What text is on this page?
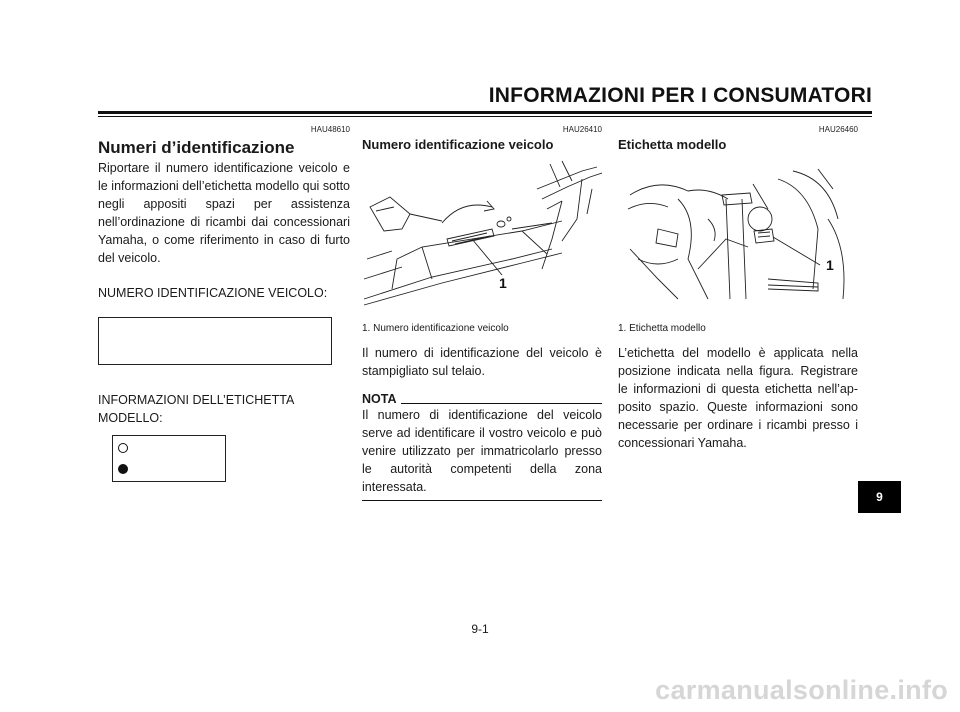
INFORMAZIONI PER I CONSUMATORI
HAU48610
Numeri d’identificazione

Riportare il numero identificazione veicolo e le informazioni dell’etichetta modello qui sotto negli appositi spazi per assistenza nell’ordinazione di ricambi dai concessionari Yamaha, o come riferimento in caso di furto del veicolo.

NUMERO IDENTIFICAZIONE VEICOLO:

INFORMAZIONI DELL’ETICHETTA MODELLO:

HAU26410
Numero identificazione veicolo
1
1. Numero identificazione veicolo

Il numero di identificazione del veicolo è stampigliato sul telaio.

NOTA

Il numero di identificazione del veicolo serve ad identificare il vostro veicolo e può venire utilizzato per immatricolarlo presso le autorità competenti della zona interessata.

HAU26460
Etichetta modello
1
1. Etichetta modello

L’etichetta del modello è applicata nella posizione indicata nella figura. Registrare le informazioni di questa etichetta nell’apposito spazio. Queste informazioni sono necessarie per ordinare i ricambi presso i concessionari Yamaha.

9-1
9
carmanualsonline.info
